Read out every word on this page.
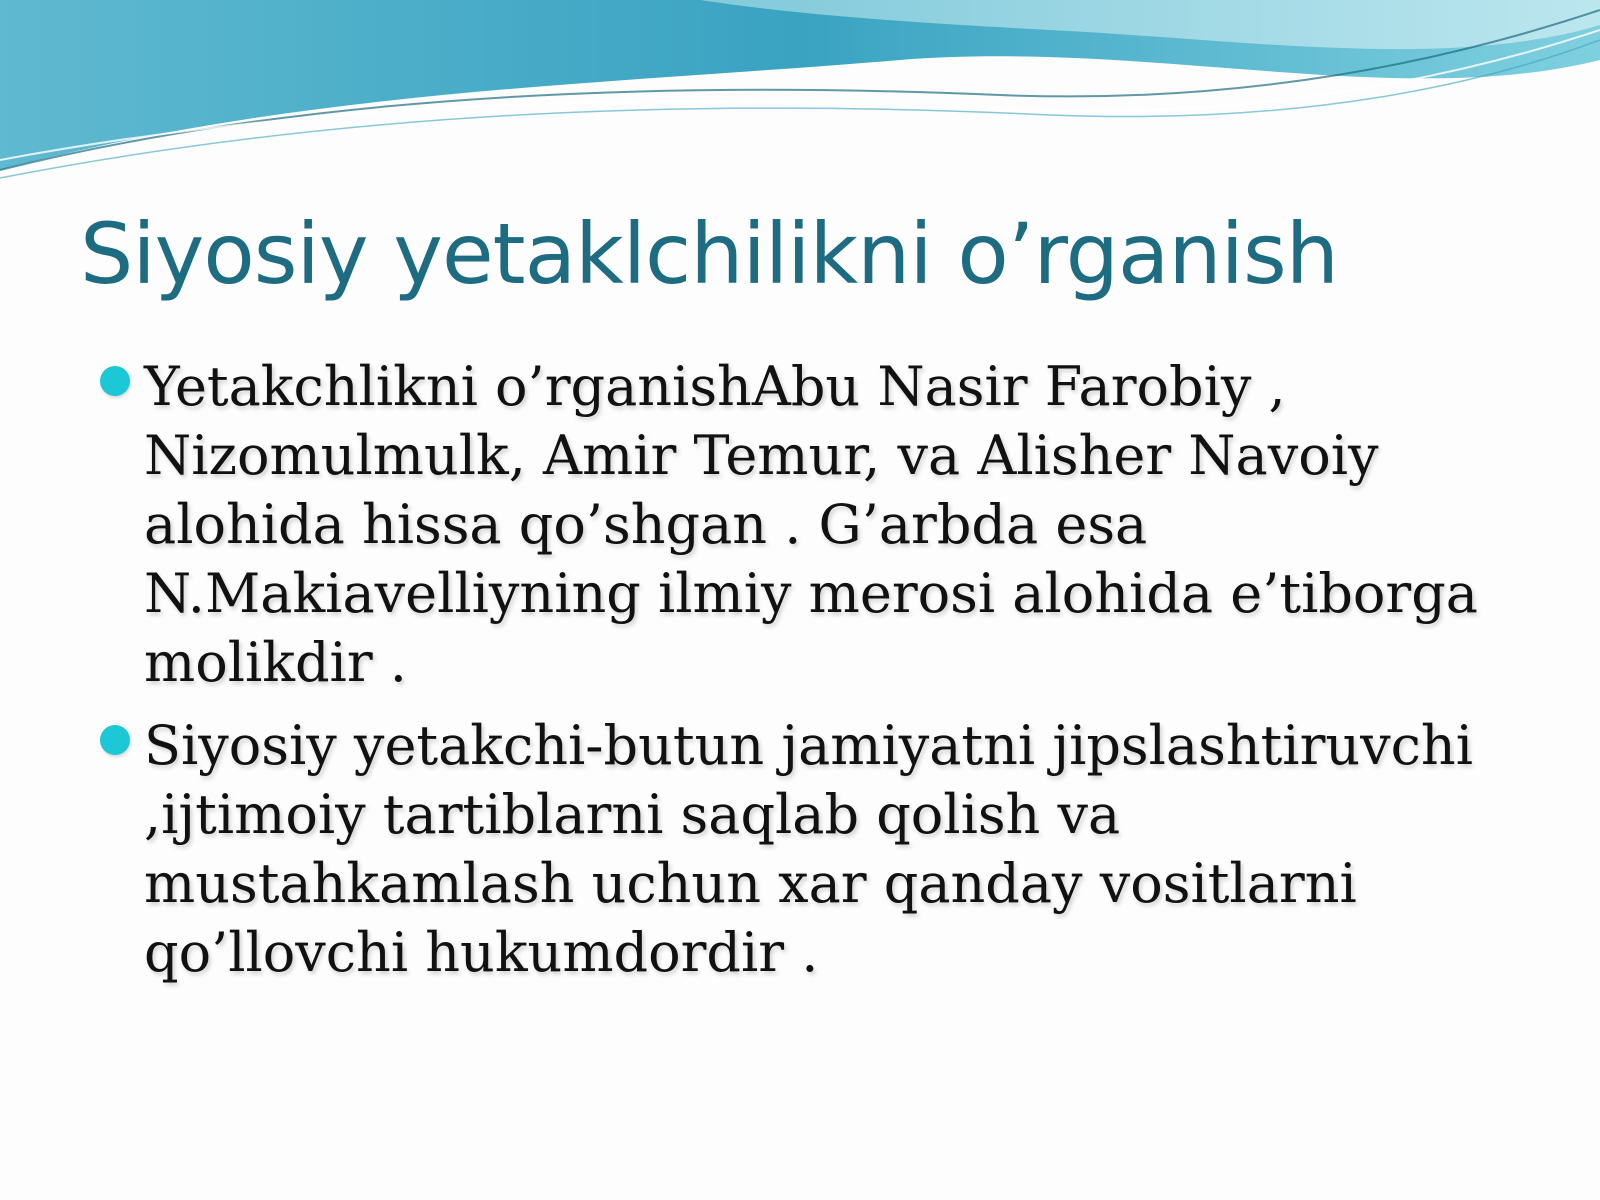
Siyosiy yetaklchilikni o’rganish
Yetakchlikni o’rganishAbu Nasir Farobiy , Nizomulmulk, Amir Temur, va Alisher Navoiy alohida hissa qo’shgan . G’arbda esa N.Makiavelliyning ilmiy merosi alohida e’tiborga molikdir .
Siyosiy yetakchi-butun jamiyatni jipslashtiruvchi ,ijtimoiy tartiblarni saqlab qolish va mustahkamlash uchun xar qanday vositlarni qo’llovchi hukumdordir .
